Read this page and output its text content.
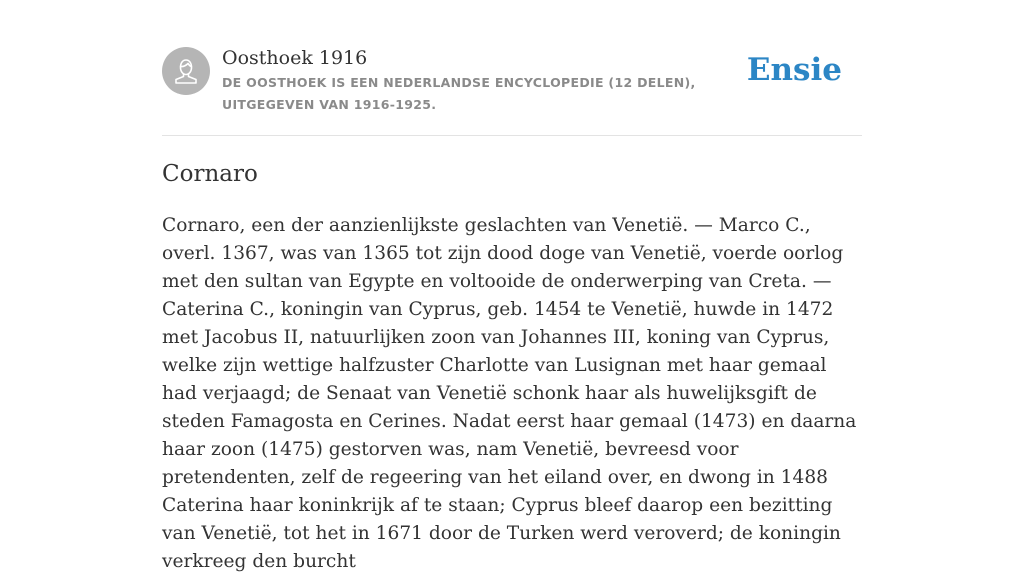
Oosthoek 1916
DE OOSTHOEK IS EEN NEDERLANDSE ENCYCLOPEDIE (12 DELEN), UITGEGEVEN VAN 1916-1925.
Ensie
Cornaro

Cornaro, een der aanzienlijkste geslachten van Venetië. — Marco C., overl. 1367, was van 1365 tot zijn dood doge van Venetië, voerde oorlog met den sultan van Egypte en voltooide de onderwerping van Creta. — Caterina C., koningin van Cyprus, geb. 1454 te Venetië, huwde in 1472 met Jacobus II, natuurlijken zoon van Johannes III, koning van Cyprus, welke zijn wettige halfzuster Charlotte van Lusignan met haar gemaal had verjaagd; de Senaat van Venetië schonk haar als huwelijksgift de steden Famagosta en Cerines. Nadat eerst haar gemaal (1473) en daarna haar zoon (1475) gestorven was, nam Venetië, bevreesd voor pretendenten, zelf de regeering van het eiland over, en dwong in 1488 Caterina haar koninkrijk af te staan; Cyprus bleef daarop een bezitting van Venetië, tot het in 1671 door de Turken werd veroverd; de koningin verkreeg den burcht
